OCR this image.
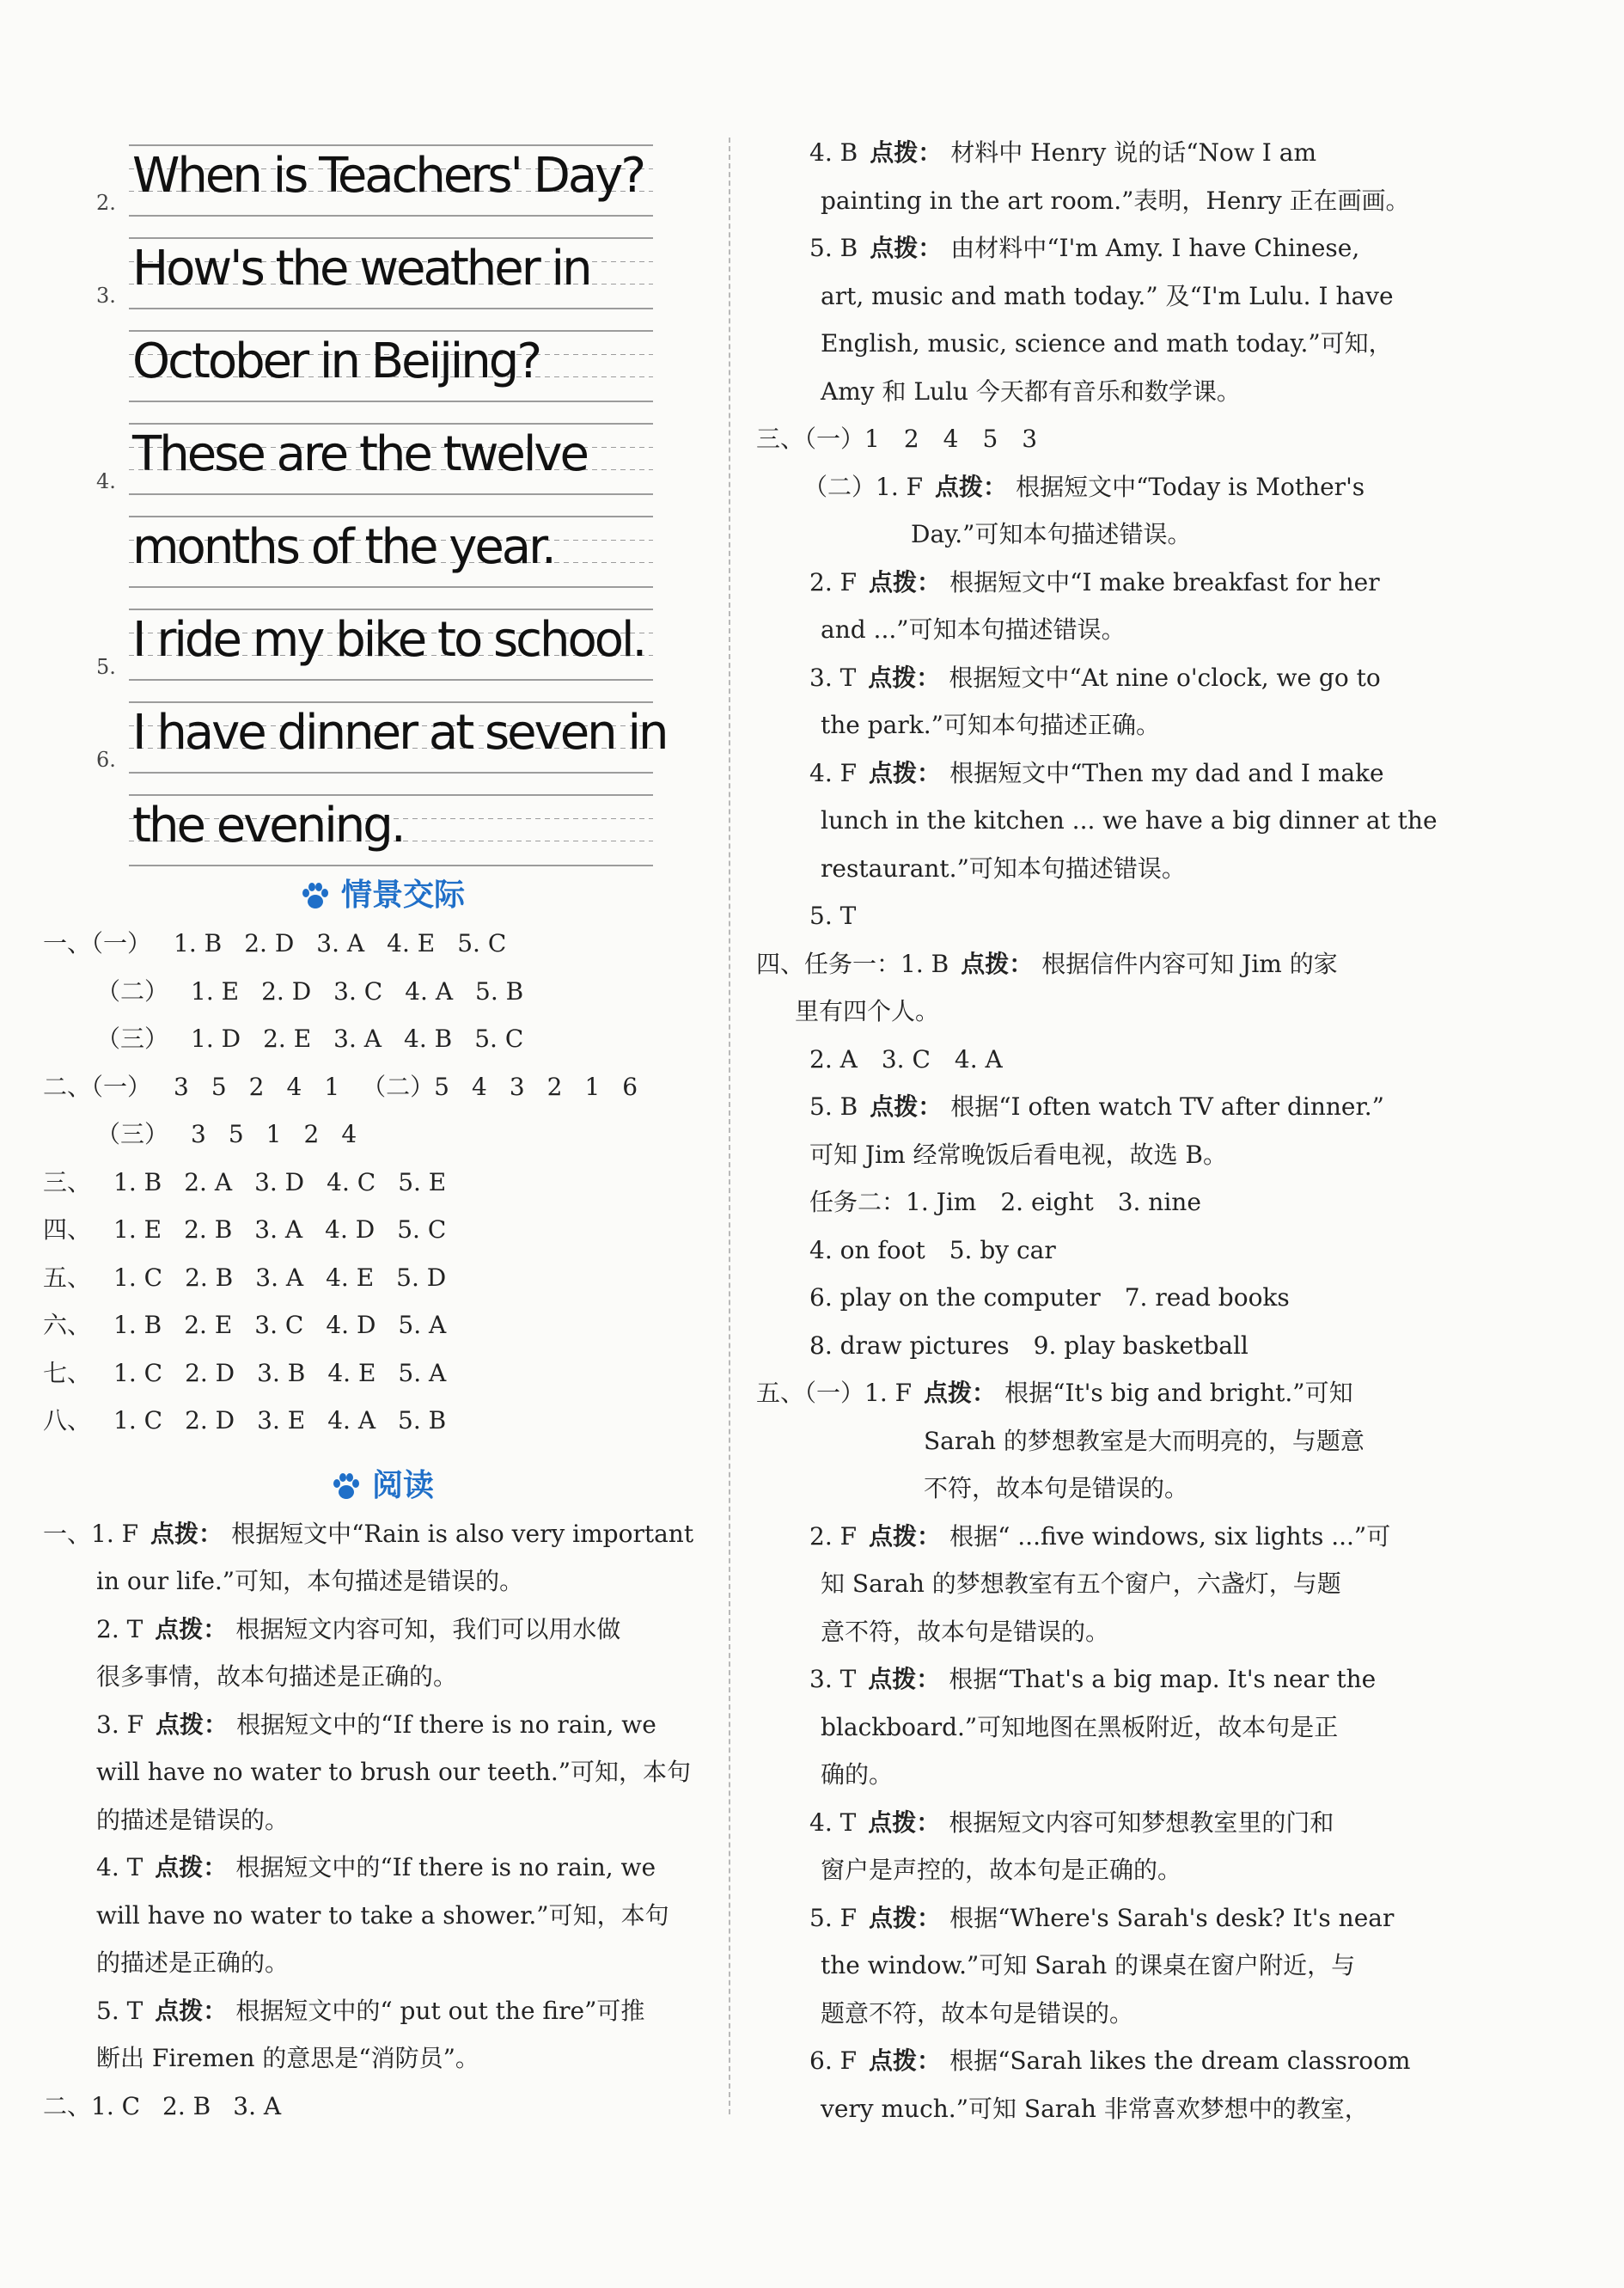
2. When is Teachers' Day?
3. How's the weather in
October in Beijing?
4. These are the twelve
months of the year.
5. I ride my bike to school.
6. I have dinner at seven in
the evening.
情景交际
一、（一） 1. B 2. D 3. A 4. E 5. C
（二） 1. E 2. D 3. C 4. A 5. B
（三） 1. D 2. E 3. A 4. B 5. C
二、（一） 3 5 2 4 1 （二）5 4 3 2 1 6
（三） 3 5 1 2 4
三、 1. B 2. A 3. D 4. C 5. E
四、 1. E 2. B 3. A 4. D 5. C
五、 1. C 2. B 3. A 4. E 5. D
六、 1. B 2. E 3. C 4. D 5. A
七、 1. C 2. D 3. B 4. E 5. A
八、 1. C 2. D 3. E 4. A 5. B
阅读
一、1. F 点拨： 根据短文中“Rain is also very important
in our life.”可知，本句描述是错误的。
2. T 点拨： 根据短文内容可知，我们可以用水做
很多事情，故本句描述是正确的。
3. F 点拨： 根据短文中的“If there is no rain, we
will have no water to brush our teeth.”可知，本句
的描述是错误的。
4. T 点拨： 根据短文中的“If there is no rain, we
will have no water to take a shower.”可知，本句
的描述是正确的。
5. T 点拨： 根据短文中的“ put out the fire”可推
断出 Firemen 的意思是“消防员”。
二、1. C 2. B 3. A
4. B 点拨： 材料中 Henry 说的话“Now I am
painting in the art room.”表明，Henry 正在画画。
5. B 点拨： 由材料中“I'm Amy. I have Chinese,
art, music and math today.” 及“I'm Lulu. I have
English, music, science and math today.”可知，
Amy 和 Lulu 今天都有音乐和数学课。
三、（一）1　2　4　5　3
（二）1. F 点拨： 根据短文中“Today is Mother's
Day.”可知本句描述错误。
2. F 点拨： 根据短文中“I make breakfast for her
and ...”可知本句描述错误。
3. T 点拨： 根据短文中“At nine o'clock, we go to
the park.”可知本句描述正确。
4. F 点拨： 根据短文中“Then my dad and I make
lunch in the kitchen ... we have a big dinner at the
restaurant.”可知本句描述错误。
5. T
四、任务一：1. B 点拨： 根据信件内容可知 Jim 的家
里有四个人。
2. A　3. C　4. A
5. B 点拨： 根据“I often watch TV after dinner.”
可知 Jim 经常晚饭后看电视，故选 B。
任务二：1. Jim　2. eight　3. nine
4. on foot　5. by car
6. play on the computer　7. read books
8. draw pictures　9. play basketball
五、（一）1. F 点拨： 根据“It's big and bright.”可知
Sarah 的梦想教室是大而明亮的，与题意
不符，故本句是错误的。
2. F 点拨： 根据“ ...five windows, six lights ...”可
知 Sarah 的梦想教室有五个窗户，六盏灯，与题
意不符，故本句是错误的。
3. T 点拨： 根据“That's a big map. It's near the
blackboard.”可知地图在黑板附近，故本句是正
确的。
4. T 点拨： 根据短文内容可知梦想教室里的门和
窗户是声控的，故本句是正确的。
5. F 点拨： 根据“Where's Sarah's desk? It's near
the window.”可知 Sarah 的课桌在窗户附近，与
题意不符，故本句是错误的。
6. F 点拨： 根据“Sarah likes the dream classroom
very much.”可知 Sarah 非常喜欢梦想中的教室，
